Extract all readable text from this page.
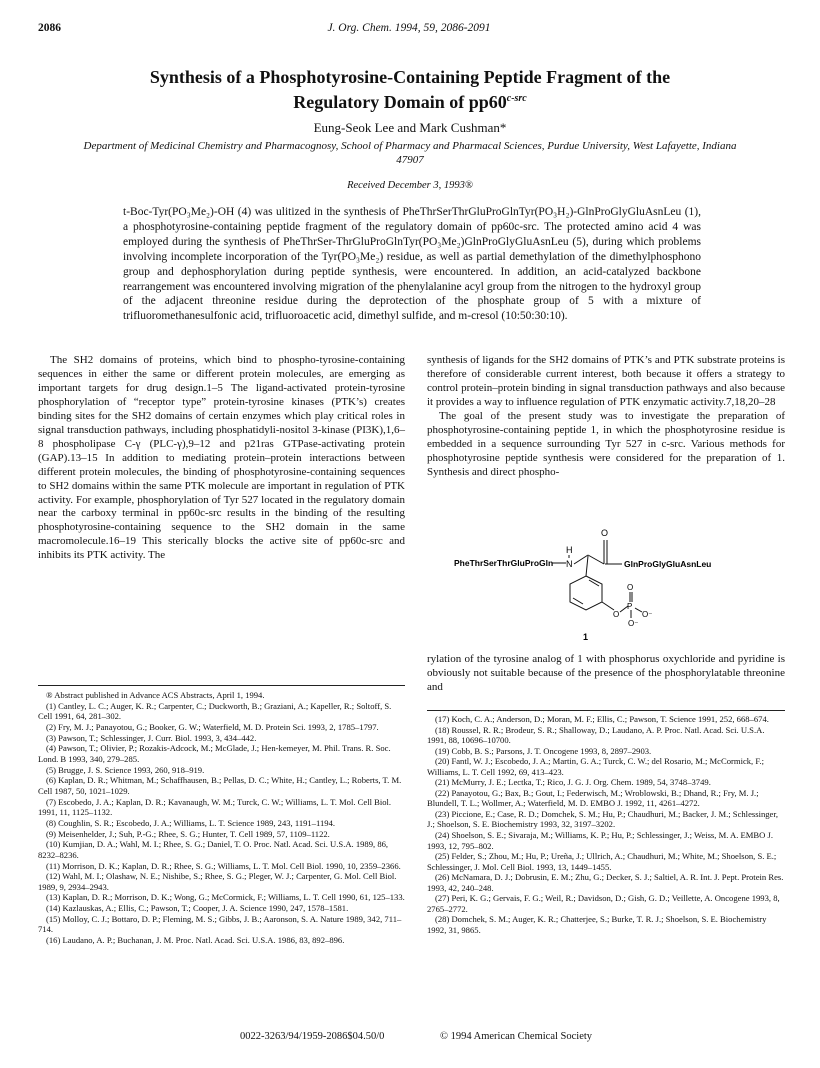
2086	J. Org. Chem. 1994, 59, 2086-2091
Synthesis of a Phosphotyrosine-Containing Peptide Fragment of the
Regulatory Domain of $pp60^{c-src}$
Eung-Seok Lee and Mark Cushman*
Department of Medicinal Chemistry and Pharmacognosy, School of Pharmacy and Pharmacal Sciences, Purdue University, West Lafayette, Indiana 47907
Received December 3, 1993®

t-Boc-Tyr(PO₃Me₂)-OH (4) was ulitized in the synthesis of PheThrSerThrGluProGlnTyr(PO₃H₂)-GlnProGlyGluAsnLeu (1), a phosphotyrosine-containing peptide fragment of the regulatory domain of pp60c-src. The protected amino acid 4 was employed during the synthesis of PheThrSer-ThrGluProGlnTyr(PO₃Me₂)GlnProGlyGluAsnLeu (5), during which problems involving incomplete incorporation of the Tyr(PO₃Me₂) residue, as well as partial demethylation of the dimethylphosphono group and dephosphorylation during peptide synthesis, were encountered. In addition, an acid-catalyzed backbone rearrangement was encountered involving migration of the phenylalanine acyl group from the nitrogen to the hydroxyl group of the adjacent threonine residue during the deprotection of the phosphate group of 5 with a mixture of trifluoromethanesulfonic acid, trifluoroacetic acid, dimethyl sulfide, and m-cresol (10:50:30:10).

The SH2 domains of proteins, which bind to phospho-tyrosine-containing sequences in either the same or different protein molecules, are emerging as important targets for drug design.1–5 The ligand-activated protein-tyrosine phosphorylation of “receptor type” protein-tyrosine kinases (PTK’s) creates binding sites for the SH2 domains of certain enzymes which play critical roles in signal transduction pathways, including phosphatidyli-nositol 3-kinase (PI3K),1,6–8 phospholipase C-γ (PLC-γ),9–12 and p21ras GTPase-activating protein (GAP).13–15 In addition to mediating protein–protein interactions between different protein molecules, the binding of phosphotyrosine-containing sequences to SH2 domains within the same PTK molecule are important in regulation of PTK activity. For example, phosphorylation of Tyr 527 located in the regulatory domain near the carboxy terminal in pp60c-src results in the binding of the resulting phosphotyrosine-containing sequence to the SH2 domain in the same macromolecule.16–19 This sterically blocks the active site of pp60c-src and inhibits its PTK activity. The

synthesis of ligands for the SH2 domains of PTK’s and PTK substrate proteins is therefore of considerable current interest, both because it offers a strategy to control protein–protein binding in signal transduction pathways and also because it provides a way to influence regulation of PTK enzymatic activity.7,18,20–28

The goal of the present study was to investigate the preparation of phosphotyrosine-containing peptide 1, in which the phosphotyrosine residue is embedded in a sequence surrounding Tyr 527 in c-src. Various methods for phosphotyrosine peptide synthesis were considered for the preparation of 1. Synthesis and direct phospho-

PheThrSerThrGluProGln N
H
O
GlnProGlyGluAsnLeu
O
P
O
O⁻
O⁻
1

rylation of the tyrosine analog of 1 with phosphorus oxychloride and pyridine is obviously not suitable because of the presence of the phosphorylatable threonine and

® Abstract published in Advance ACS Abstracts, April 1, 1994.

(1) Cantley, L. C.; Auger, K. R.; Carpenter, C.; Duckworth, B.; Graziani, A.; Kapeller, R.; Soltoff, S. Cell 1991, 64, 281–302.

(2) Fry, M. J.; Panayotou, G.; Booker, G. W.; Waterfield, M. D. Protein Sci. 1993, 2, 1785–1797.

(3) Pawson, T.; Schlessinger, J. Curr. Biol. 1993, 3, 434–442.

(4) Pawson, T.; Olivier, P.; Rozakis-Adcock, M.; McGlade, J.; Hen-kemeyer, M. Phil. Trans. R. Soc. Lond. B 1993, 340, 279–285.

(5) Brugge, J. S. Science 1993, 260, 918–919.

(6) Kaplan, D. R.; Whitman, M.; Schaffhausen, B.; Pellas, D. C.; White, H.; Cantley, L.; Roberts, T. M. Cell 1987, 50, 1021–1029.

(7) Escobedo, J. A.; Kaplan, D. R.; Kavanaugh, W. M.; Turck, C. W.; Williams, L. T. Mol. Cell Biol. 1991, 11, 1125–1132.

(8) Coughlin, S. R.; Escobedo, J. A.; Williams, L. T. Science 1989, 243, 1191–1194.

(9) Meisenhelder, J.; Suh, P.-G.; Rhee, S. G.; Hunter, T. Cell 1989, 57, 1109–1122.

(10) Kumjian, D. A.; Wahl, M. I.; Rhee, S. G.; Daniel, T. O. Proc. Natl. Acad. Sci. U.S.A. 1989, 86, 8232–8236.

(11) Morrison, D. K.; Kaplan, D. R.; Rhee, S. G.; Williams, L. T. Mol. Cell Biol. 1990, 10, 2359–2366.

(12) Wahl, M. I.; Olashaw, N. E.; Nishibe, S.; Rhee, S. G.; Pleger, W. J.; Carpenter, G. Mol. Cell Biol. 1989, 9, 2934–2943.

(13) Kaplan, D. R.; Morrison, D. K.; Wong, G.; McCormick, F.; Williams, L. T. Cell 1990, 61, 125–133.

(14) Kazlauskas, A.; Ellis, C.; Pawson, T.; Cooper, J. A. Science 1990, 247, 1578–1581.

(15) Molloy, C. J.; Bottaro, D. P.; Fleming, M. S.; Gibbs, J. B.; Aaronson, S. A. Nature 1989, 342, 711–714.

(16) Laudano, A. P.; Buchanan, J. M. Proc. Natl. Acad. Sci. U.S.A. 1986, 83, 892–896.

(17) Koch, C. A.; Anderson, D.; Moran, M. F.; Ellis, C.; Pawson, T. Science 1991, 252, 668–674.

(18) Roussel, R. R.; Brodeur, S. R.; Shalloway, D.; Laudano, A. P. Proc. Natl. Acad. Sci. U.S.A. 1991, 88, 10696–10700.

(19) Cobb, B. S.; Parsons, J. T. Oncogene 1993, 8, 2897–2903.

(20) Fantl, W. J.; Escobedo, J. A.; Martin, G. A.; Turck, C. W.; del Rosario, M.; McCormick, F.; Williams, L. T. Cell 1992, 69, 413–423.

(21) McMurry, J. E.; Lectka, T.; Rico, J. G. J. Org. Chem. 1989, 54, 3748–3749.

(22) Panayotou, G.; Bax, B.; Gout, I.; Federwisch, M.; Wroblowski, B.; Dhand, R.; Fry, M. J.; Blundell, T. L.; Wollmer, A.; Waterfield, M. D. EMBO J. 1992, 11, 4261–4272.

(23) Piccione, E.; Case, R. D.; Domchek, S. M.; Hu, P.; Chaudhuri, M.; Backer, J. M.; Schlessinger, J.; Shoelson, S. E. Biochemistry 1993, 32, 3197–3202.

(24) Shoelson, S. E.; Sivaraja, M.; Williams, K. P.; Hu, P.; Schlessinger, J.; Weiss, M. A. EMBO J. 1993, 12, 795–802.

(25) Felder, S.; Zhou, M.; Hu, P.; Ureña, J.; Ullrich, A.; Chaudhuri, M.; White, M.; Shoelson, S. E.; Schlessinger, J. Mol. Cell Biol. 1993, 13, 1449–1455.

(26) McNamara, D. J.; Dobrusin, E. M.; Zhu, G.; Decker, S. J.; Saltiel, A. R. Int. J. Pept. Protein Res. 1993, 42, 240–248.

(27) Peri, K. G.; Gervais, F. G.; Weil, R.; Davidson, D.; Gish, G. D.; Veillette, A. Oncogene 1993, 8, 2765–2772.

(28) Domchek, S. M.; Auger, K. R.; Chatterjee, S.; Burke, T. R. J.; Shoelson, S. E. Biochemistry 1992, 31, 9865.

0022-3263/94/1959-2086$04.50/0	© 1994 American Chemical Society
